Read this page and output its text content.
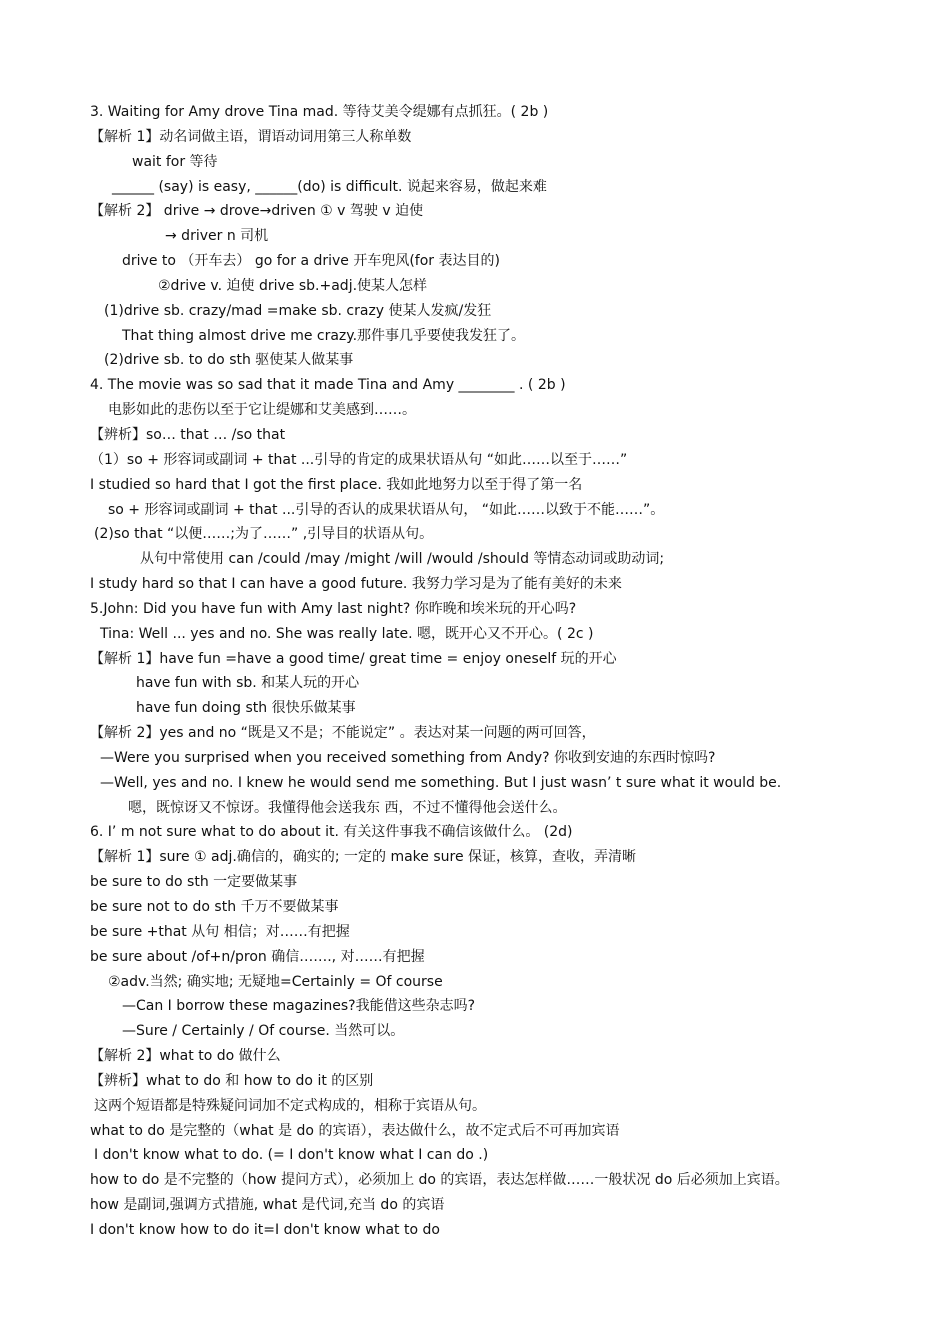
3. Waiting for Amy drove Tina mad. 等待艾美令缇娜有点抓狂。( 2b )
【解析 1】动名词做主语，谓语动词用第三人称单数
wait for 等待
______ (say) is easy, ______(do) is difficult. 说起来容易，做起来难
【解析 2】 drive → drove→driven ① v 驾驶 v 迫使
→ driver n 司机
drive to （开车去） go for a drive 开车兜风(for 表达目的)
②drive v. 迫使 drive sb.+adj.使某人怎样
(1)drive sb. crazy/mad =make sb. crazy 使某人发疯/发狂
That thing almost drive me crazy.那件事几乎要使我发狂了。
(2)drive sb. to do sth 驱使某人做某事
4. The movie was so sad that it made Tina and Amy ________ . ( 2b )
电影如此的悲伤以至于它让缇娜和艾美感到……。
【辨析】so… that … /so that
（1）so + 形容词或副词 + that ...引导的肯定的成果状语从句 “如此……以至于……”
I studied so hard that I got the first place. 我如此地努力以至于得了第一名
so + 形容词或副词 + that ...引导的否认的成果状语从句， “如此……以致于不能……”。
(2)so that “以便……;为了……” ,引导目的状语从句。
从句中常使用 can /could /may /might /will /would /should 等情态动词或助动词;
I study hard so that I can have a good future. 我努力学习是为了能有美好的未来
5.John: Did you have fun with Amy last night? 你昨晚和埃米玩的开心吗?
Tina: Well ... yes and no. She was really late. 嗯，既开心又不开心。( 2c )
【解析 1】have fun =have a good time/ great time = enjoy oneself 玩的开心
have fun with sb. 和某人玩的开心
have fun doing sth 很快乐做某事
【解析 2】yes and no “既是又不是；不能说定” 。表达对某一问题的两可回答，
—Were you surprised when you received something from Andy? 你收到安迪的东西时惊吗?
—Well, yes and no. I knew he would send me something. But I just wasn’ t sure what it would be.
嗯，既惊讶又不惊讶。我懂得他会送我东 西，不过不懂得他会送什么。
6. I’ m not sure what to do about it. 有关这件事我不确信该做什么。 (2d)
【解析 1】sure ① adj.确信的，确实的; 一定的 make sure 保证，核算，查收，弄清晰
be sure to do sth 一定要做某事
be sure not to do sth 千万不要做某事
be sure +that 从句 相信；对……有把握
be sure about /of+n/pron 确信……., 对……有把握
②adv.当然; 确实地; 无疑地=Certainly = Of course
—Can I borrow these magazines?我能借这些杂志吗?
—Sure / Certainly / Of course. 当然可以。
【解析 2】what to do 做什么
【辨析】what to do 和 how to do it 的区别
这两个短语都是特殊疑问词加不定式构成的，相称于宾语从句。
what to do 是完整的（what 是 do 的宾语），表达做什么，故不定式后不可再加宾语
I don't know what to do. (= I don't know what I can do .)
how to do 是不完整的（how 提问方式），必须加上 do 的宾语，表达怎样做……一般状况 do 后必须加上宾语。
how 是副词,强调方式措施, what 是代词,充当 do 的宾语
I don't know how to do it=I don't know what to do
